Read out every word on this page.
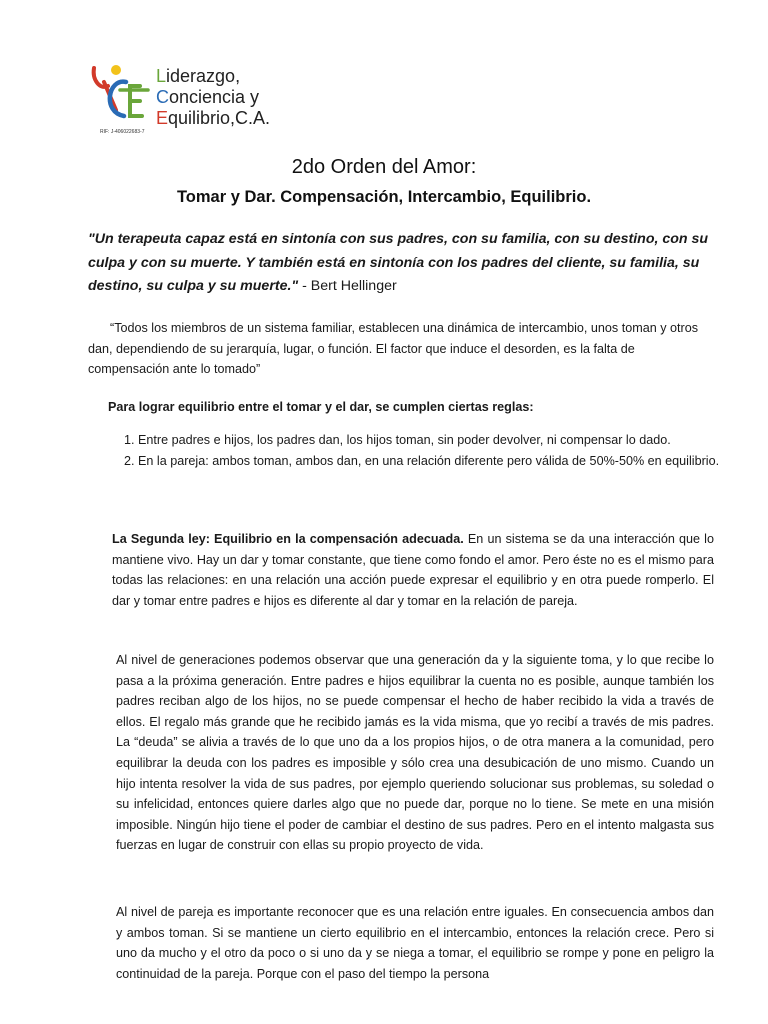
Liderazgo,
Conciencia y
Equilibrio,C.A.
RIF: J-406022683-7
2do Orden del Amor:
Tomar y Dar. Compensación, Intercambio, Equilibrio.

"Un terapeuta capaz está en sintonía con sus padres, con su familia, con su destino, con su culpa y con su muerte. Y también está en sintonía con los padres del cliente, su familia, su destino, su culpa y su muerte." - Bert Hellinger

“Todos los miembros de un sistema familiar, establecen una dinámica de intercambio, unos toman y otros dan, dependiendo de su jerarquía, lugar, o función. El factor que induce el desorden, es la falta de compensación ante lo tomado”

Para lograr equilibrio entre el tomar y el dar, se cumplen ciertas reglas:

1. Entre padres e hijos, los padres dan, los hijos toman, sin poder devolver, ni compensar lo dado.
2. En la pareja: ambos toman, ambos dan, en una relación diferente pero válida de 50%-50% en equilibrio.

La Segunda ley: Equilibrio en la compensación adecuada. En un sistema se da una interacción que lo mantiene vivo. Hay un dar y tomar constante, que tiene como fondo el amor. Pero éste no es el mismo para todas las relaciones: en una relación una acción puede expresar el equilibrio y en otra puede romperlo. El dar y tomar entre padres e hijos es diferente al dar y tomar en la relación de pareja.

Al nivel de generaciones podemos observar que una generación da y la siguiente toma, y lo que recibe lo pasa a la próxima generación. Entre padres e hijos equilibrar la cuenta no es posible, aunque también los padres reciban algo de los hijos, no se puede compensar el hecho de haber recibido la vida a través de ellos. El regalo más grande que he recibido jamás es la vida misma, que yo recibí a través de mis padres. La “deuda” se alivia a través de lo que uno da a los propios hijos, o de otra manera a la comunidad, pero equilibrar la deuda con los padres es imposible y sólo crea una desubicación de uno mismo. Cuando un hijo intenta resolver la vida de sus padres, por ejemplo queriendo solucionar sus problemas, su soledad o su infelicidad, entonces quiere darles algo que no puede dar, porque no lo tiene. Se mete en una misión imposible. Ningún hijo tiene el poder de cambiar el destino de sus padres. Pero en el intento malgasta sus fuerzas en lugar de construir con ellas su propio proyecto de vida.

Al nivel de pareja es importante reconocer que es una relación entre iguales. En consecuencia ambos dan y ambos toman. Si se mantiene un cierto equilibrio en el intercambio, entonces la relación crece. Pero si uno da mucho y el otro da poco o si uno da y se niega a tomar, el equilibrio se rompe y pone en peligro la continuidad de la pareja. Porque con el paso del tiempo la persona
